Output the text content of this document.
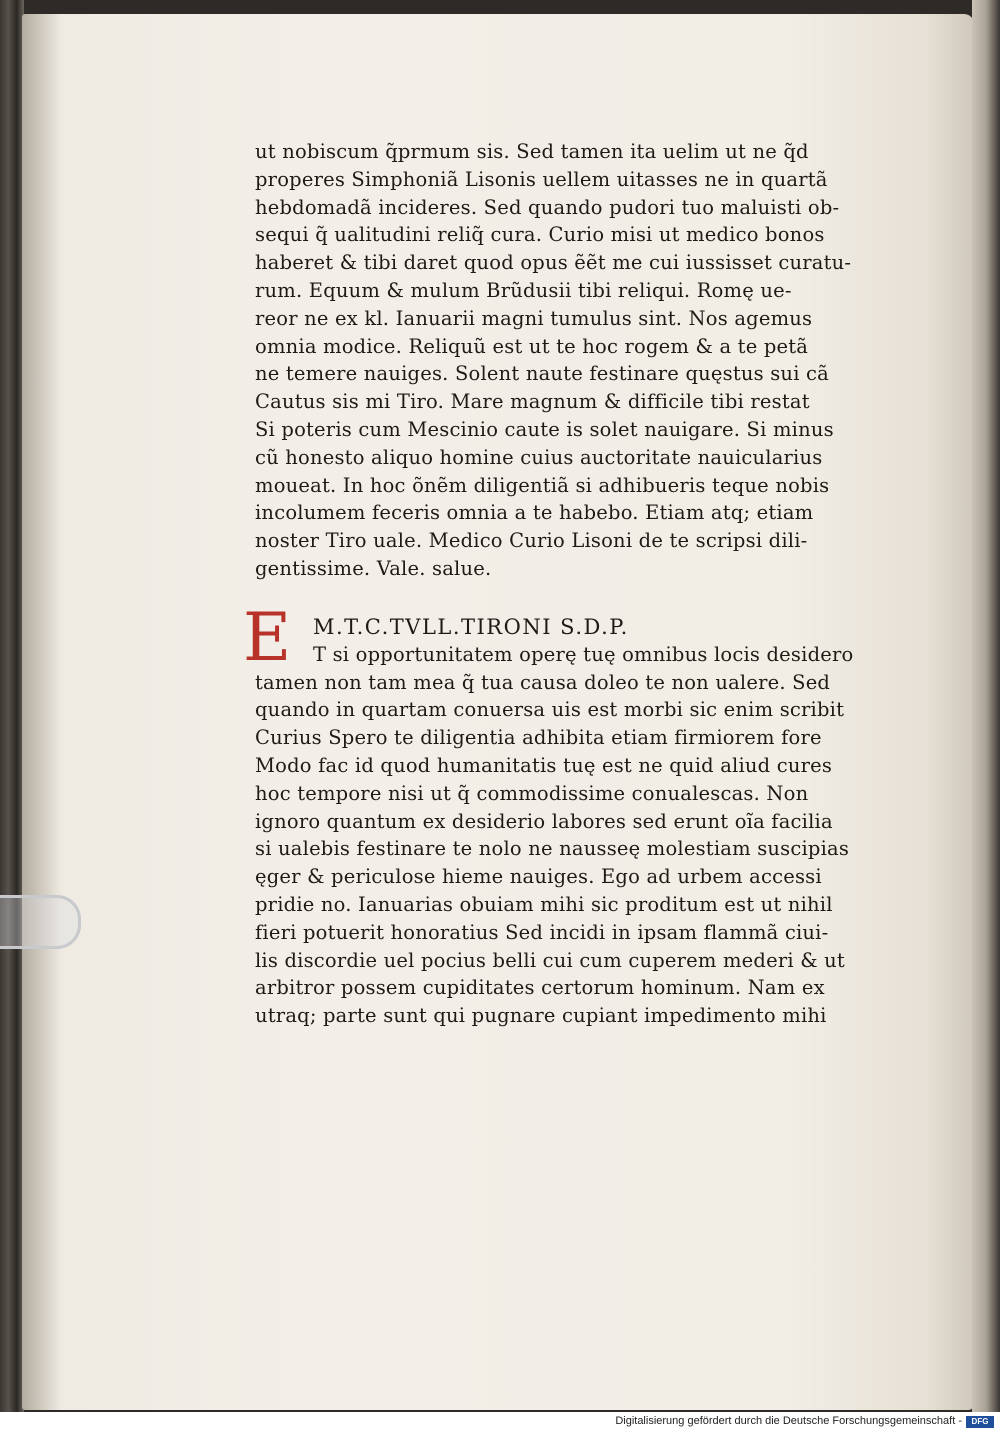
ut nobiscum q̃prmum sis. Sed tamen ita uelim ut ne q̃d
properes Simphoniã Lisonis uellem uitasses ne in quartã
hebdomadã incideres. Sed quando pudori tuo maluisti ob-
sequi q̃ ualitudini reliq̃ cura. Curio misi ut medico bonos
haberet & tibi daret quod opus ẽẽt me cui iussisset curatu-
rum. Equum & mulum Brũdusii tibi reliqui. Romę ue-
reor ne ex kl. Ianuarii magni tumulus sint. Nos agemus
omnia modice. Reliquũ est ut te hoc rogem & a te petã
ne temere nauiges. Solent naute festinare quęstus sui cã
Cautus sis mi Tiro. Mare magnum & difficile tibi restat
Si poteris cum Mescinio caute is solet nauigare. Si minus
cũ honesto aliquo homine cuius auctoritate nauicularius
moueat. In hoc õnẽm diligentiã si adhibueris teque nobis
incolumem feceris omnia a te habebo. Etiam atq; etiam
noster Tiro uale. Medico Curio Lisoni de te scripsi dili-
gentissime. Vale. salue.
E	M.T.C.TVLL.TIRONI S.D.P.
T si opportunitatem operę tuę omnibus locis desidero
tamen non tam mea q̃ tua causa doleo te non ualere. Sed
quando in quartam conuersa uis est morbi sic enim scribit
Curius Spero te diligentia adhibita etiam firmiorem fore
Modo fac id quod humanitatis tuę est ne quid aliud cures
hoc tempore nisi ut q̃ commodissime conualescas. Non
ignoro quantum ex desiderio labores sed erunt oĩa facilia
si ualebis festinare te nolo ne nausseę molestiam suscipias
ęger & periculose hieme nauiges. Ego ad urbem accessi
pridie no. Ianuarias obuiam mihi sic proditum est ut nihil
fieri potuerit honoratius Sed incidi in ipsam flammã ciui-
lis discordie uel pocius belli cui cum cuperem mederi & ut
arbitror possem cupiditates certorum hominum. Nam ex
utraq; parte sunt qui pugnare cupiant impedimento mihi
Digitalisierung gefördert durch die Deutsche Forschungsgemeinschaft -	DFG
